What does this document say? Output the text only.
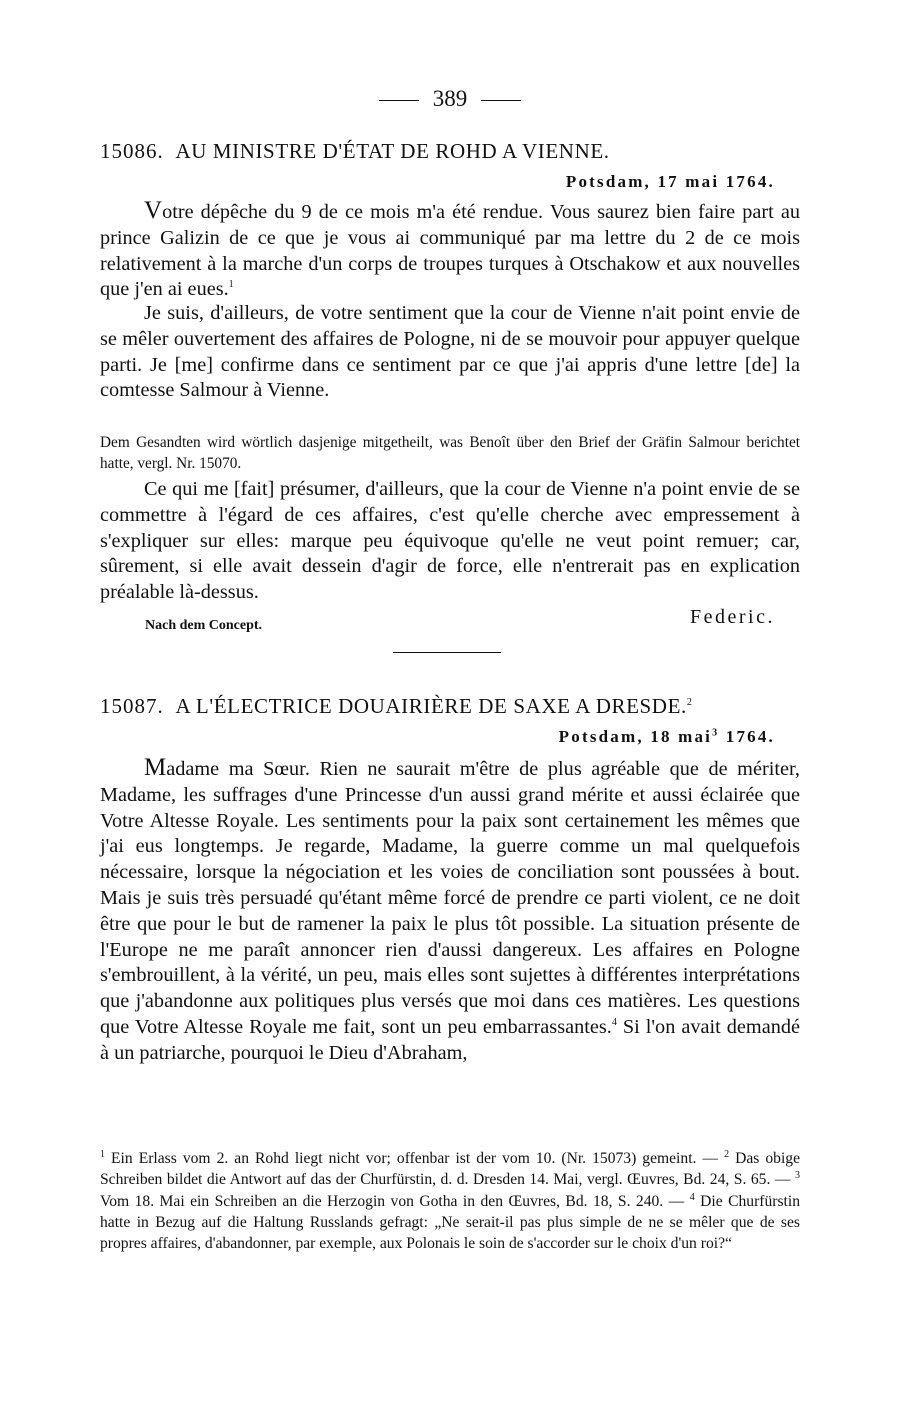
389
15086. AU MINISTRE D'ÉTAT DE ROHD A VIENNE.
Potsdam, 17 mai 1764.

Votre dépêche du 9 de ce mois m'a été rendue. Vous saurez bien faire part au prince Galizin de ce que je vous ai communiqué par ma lettre du 2 de ce mois relativement à la marche d'un corps de troupes turques à Otschakow et aux nouvelles que j'en ai eues.$^1$

Je suis, d'ailleurs, de votre sentiment que la cour de Vienne n'ait point envie de se mêler ouvertement des affaires de Pologne, ni de se mouvoir pour appuyer quelque parti. Je [me] confirme dans ce sentiment par ce que j'ai appris d'une lettre [de] la comtesse Salmour à Vienne.

Dem Gesandten wird wörtlich dasjenige mitgetheilt, was Benoît über den Brief der Gräfin Salmour berichtet hatte, vergl. Nr. 15070.

Ce qui me [fait] présumer, d'ailleurs, que la cour de Vienne n'a point envie de se commettre à l'égard de ces affaires, c'est qu'elle cherche avec empressement à s'expliquer sur elles: marque peu équivoque qu'elle ne veut point remuer; car, sûrement, si elle avait dessein d'agir de force, elle n'entrerait pas en explication préalable là-dessus.

Nach dem Concept.	Federic.
15087. A L'ÉLECTRICE DOUAIRIÈRE DE SAXE A DRESDE.$^2$
Potsdam, 18 mai$^3$ 1764.

Madame ma Sœur. Rien ne saurait m'être de plus agréable que de mériter, Madame, les suffrages d'une Princesse d'un aussi grand mérite et aussi éclairée que Votre Altesse Royale. Les sentiments pour la paix sont certainement les mêmes que j'ai eus longtemps. Je regarde, Madame, la guerre comme un mal quelquefois nécessaire, lorsque la négociation et les voies de conciliation sont poussées à bout. Mais je suis très persuadé qu'étant même forcé de prendre ce parti violent, ce ne doit être que pour le but de ramener la paix le plus tôt possible. La situation présente de l'Europe ne me paraît annoncer rien d'aussi dangereux. Les affaires en Pologne s'embrouillent, à la vérité, un peu, mais elles sont sujettes à différentes interprétations que j'abandonne aux politiques plus versés que moi dans ces matières. Les questions que Votre Altesse Royale me fait, sont un peu embarrassantes.$^4$ Si l'on avait demandé à un patriarche, pourquoi le Dieu d'Abraham,

$^1$ Ein Erlass vom 2. an Rohd liegt nicht vor; offenbar ist der vom 10. (Nr. 15073) gemeint. — $^2$ Das obige Schreiben bildet die Antwort auf das der Churfürstin, d. d. Dresden 14. Mai, vergl. Œuvres, Bd. 24, S. 65. — $^3$ Vom 18. Mai ein Schreiben an die Herzogin von Gotha in den Œuvres, Bd. 18, S. 240. — $^4$ Die Churfürstin hatte in Bezug auf die Haltung Russlands gefragt: „Ne serait-il pas plus simple de ne se mêler que de ses propres affaires, d'abandonner, par exemple, aux Polonais le soin de s'accorder sur le choix d'un roi?“
